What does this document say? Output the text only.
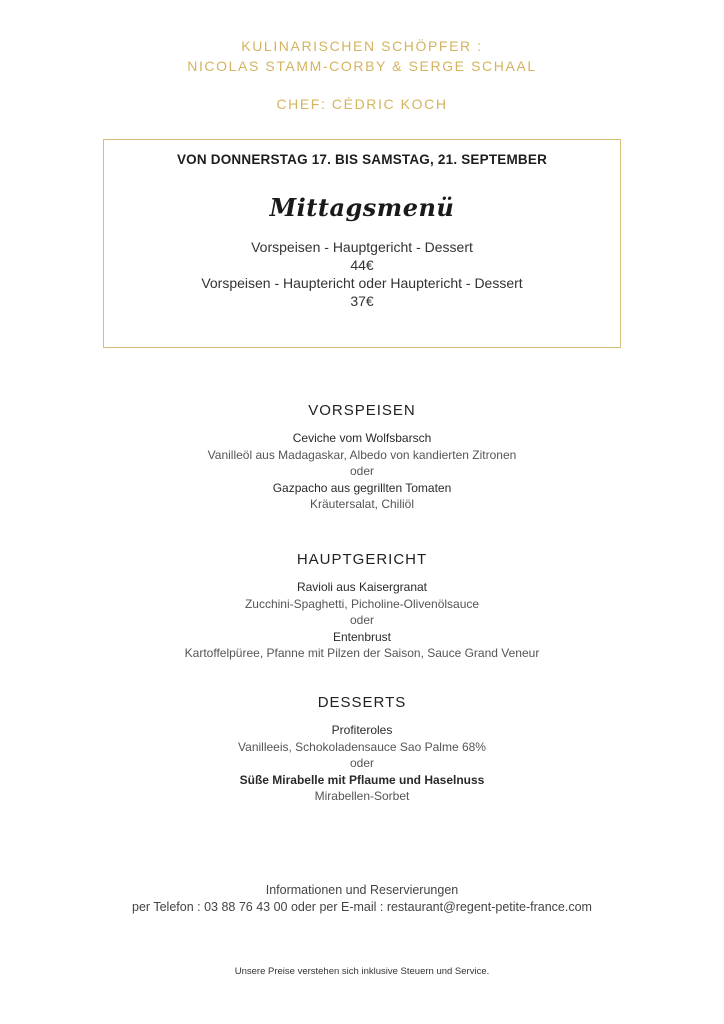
KULINARISCHEN SCHÖPFER :
NICOLAS STAMM-CORBY & SERGE SCHAAL
CHEF: CÉDRIC KOCH
VON DONNERSTAG 17. BIS SAMSTAG, 21. SEPTEMBER
Mittagsmenü
Vorspeisen - Hauptgericht - Dessert
44€
Vorspeisen - Hauptericht oder Hauptericht - Dessert
37€
VORSPEISEN
Ceviche vom Wolfsbarsch
Vanilleöl aus Madagaskar, Albedo von kandierten Zitronen
oder
Gazpacho aus gegrillten Tomaten
Kräutersalat, Chiliöl
HAUPTGERICHT
Ravioli aus Kaisergranat
Zucchini-Spaghetti, Picholine-Olivenölsauce
oder
Entenbrust
Kartoffelpüree, Pfanne mit Pilzen der Saison, Sauce Grand Veneur
DESSERTS
Profiteroles
Vanilleeis, Schokoladensauce Sao Palme 68%
oder
Süße Mirabelle mit Pflaume und Haselnuss
Mirabellen-Sorbet
Informationen und Reservierungen
per Telefon : 03 88 76 43 00 oder per E-mail : restaurant@regent-petite-france.com
Unsere Preise verstehen sich inklusive Steuern und Service.
